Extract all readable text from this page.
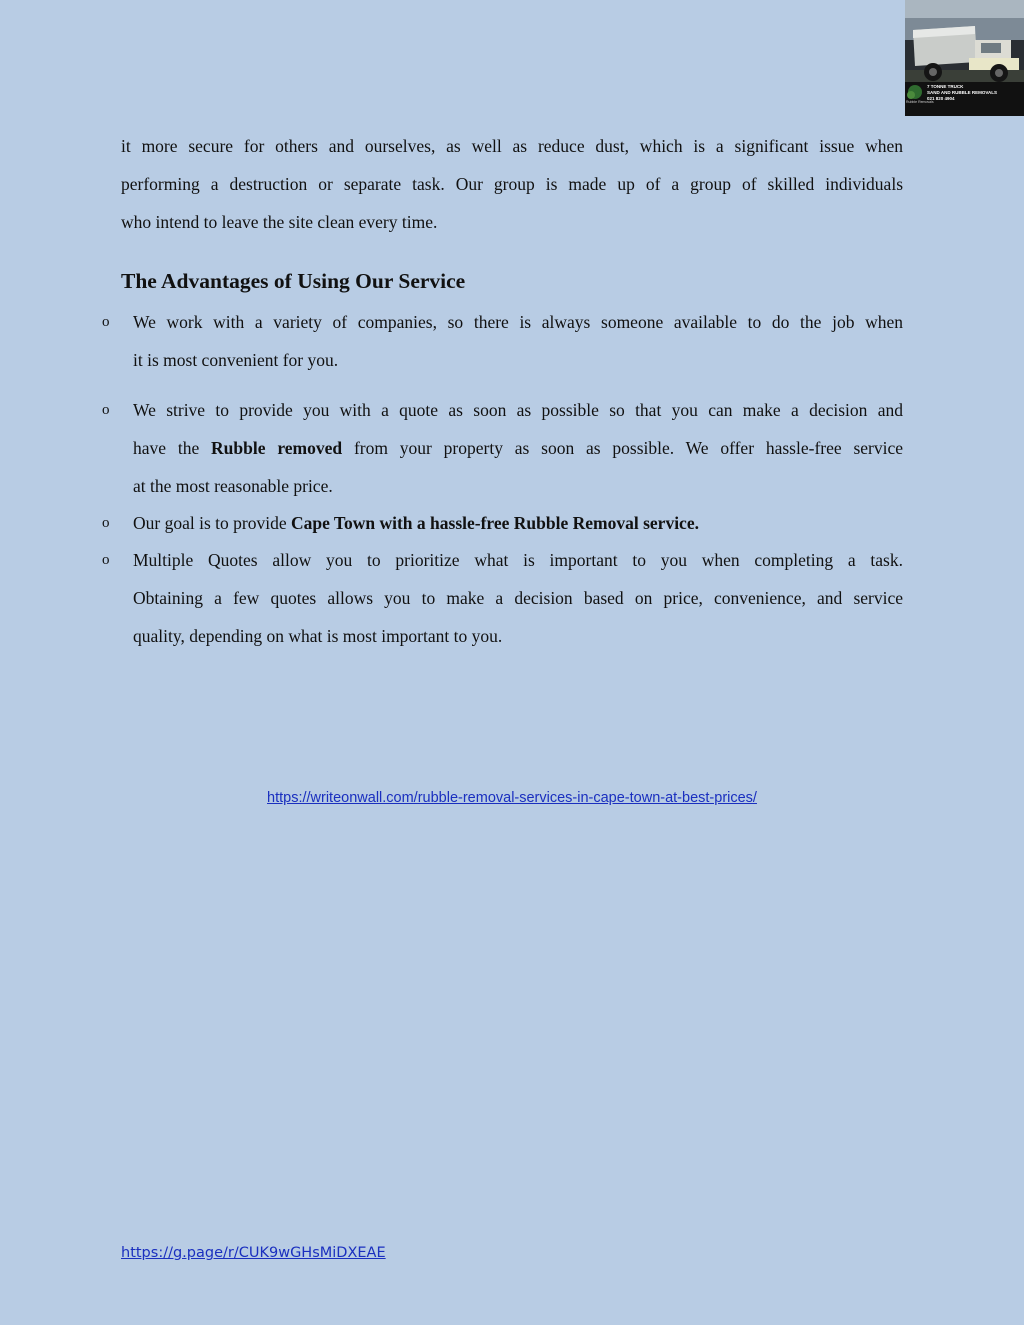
7 TONNE TRUCK
SAND AND RUBBLE REMOVALS
021 820 4904
Rubble Removals

it more secure for others and ourselves, as well as reduce dust, which is a significant issue when
performing a destruction or separate task. Our group is made up of a group of skilled individuals
who intend to leave the site clean every time.

The Advantages of Using Our Service
o We work with a variety of companies, so there is always someone available to do the job when
it is most convenient for you.

o We strive to provide you with a quote as soon as possible so that you can make a decision and
have the Rubble removed from your property as soon as possible. We offer hassle-free service
at the most reasonable price.

o Our goal is to provide Cape Town with a hassle-free Rubble Removal service.

o Multiple Quotes allow you to prioritize what is important to you when completing a task.
Obtaining a few quotes allows you to make a decision based on price, convenience, and service
quality, depending on what is most important to you.

https://writeonwall.com/rubble-removal-services-in-cape-town-at-best-prices/
https://g.page/r/CUK9wGHsMiDXEAE
